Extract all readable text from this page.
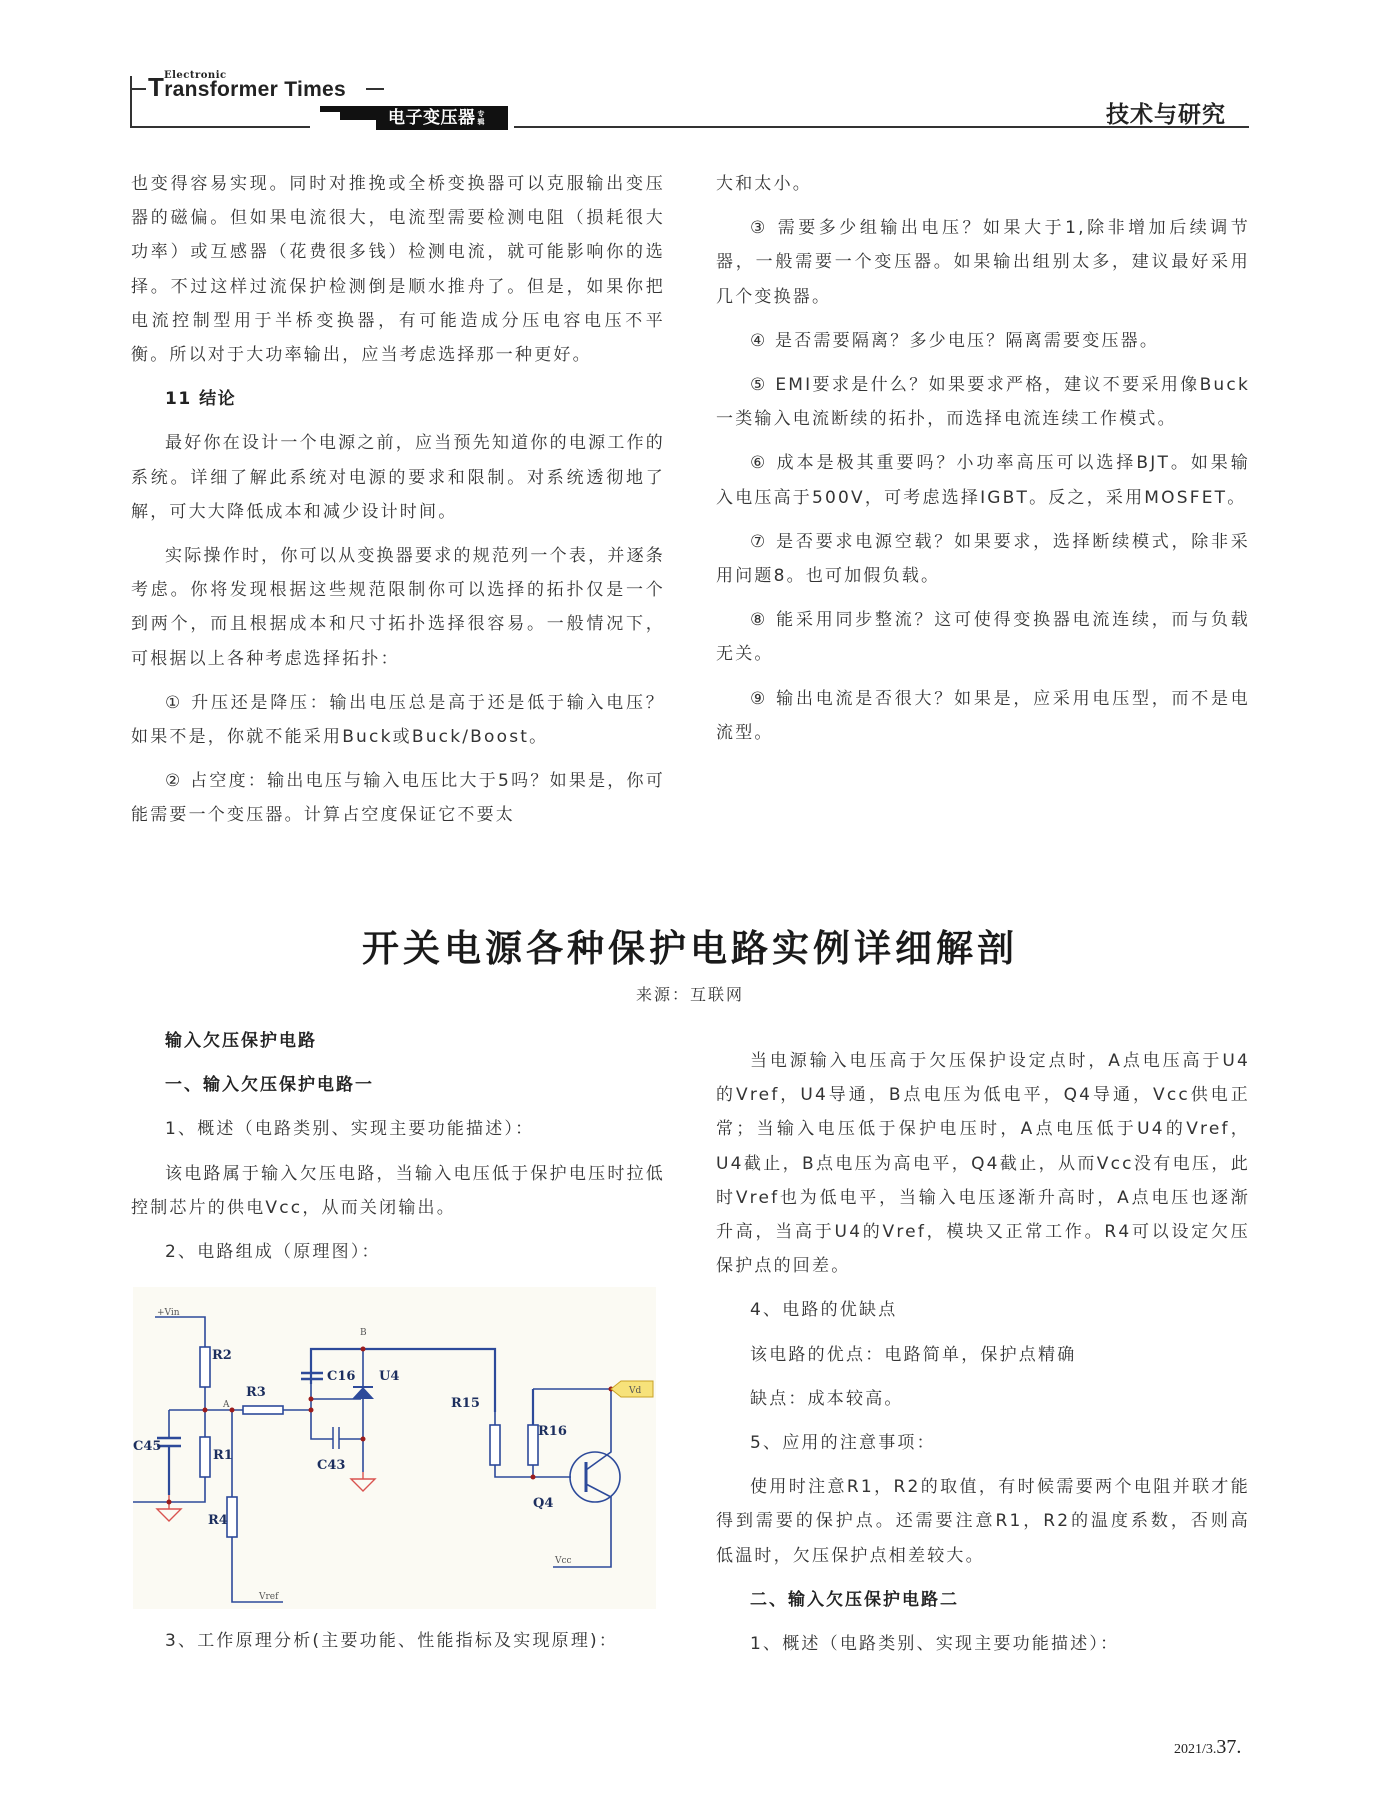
Transformer Times
Electronic
电子变压器 专辑	技术与研究

也变得容易实现。同时对推挽或全桥变换器可以克服输出变压器的磁偏。但如果电流很大，电流型需要检测电阻（损耗很大功率）或互感器（花费很多钱）检测电流，就可能影响你的选择。不过这样过流保护检测倒是顺水推舟了。但是，如果你把电流控制型用于半桥变换器，有可能造成分压电容电压不平衡。所以对于大功率输出，应当考虑选择那一种更好。

11 结论

最好你在设计一个电源之前，应当预先知道你的电源工作的系统。详细了解此系统对电源的要求和限制。对系统透彻地了解，可大大降低成本和减少设计时间。

实际操作时，你可以从变换器要求的规范列一个表，并逐条考虑。你将发现根据这些规范限制你可以选择的拓扑仅是一个到两个，而且根据成本和尺寸拓扑选择很容易。一般情况下，可根据以上各种考虑选择拓扑：

① 升压还是降压：输出电压总是高于还是低于输入电压？如果不是，你就不能采用Buck或Buck/Boost。

② 占空度：输出电压与输入电压比大于5吗？如果是，你可能需要一个变压器。计算占空度保证它不要太

大和太小。

③ 需要多少组输出电压？如果大于1,除非增加后续调节器，一般需要一个变压器。如果输出组别太多，建议最好采用几个变换器。

④ 是否需要隔离？多少电压？隔离需要变压器。

⑤ EMI要求是什么？如果要求严格，建议不要采用像Buck一类输入电流断续的拓扑，而选择电流连续工作模式。

⑥ 成本是极其重要吗？小功率高压可以选择BJT。如果输入电压高于500V，可考虑选择IGBT。反之，采用MOSFET。

⑦ 是否要求电源空载？如果要求，选择断续模式，除非采用问题8。也可加假负载。

⑧ 能采用同步整流？这可使得变换器电流连续，而与负载无关。

⑨ 输出电流是否很大？如果是，应采用电压型，而不是电流型。

开关电源各种保护电路实例详细解剖
来源：互联网
输入欠压保护电路
一、输入欠压保护电路一

1、概述（电路类别、实现主要功能描述）：

该电路属于输入欠压电路，当输入电压低于保护电压时拉低控制芯片的供电Vcc，从而关闭输出。

2、电路组成（原理图）：

+Vin
R2
R1
C45
R3
A
R4
Vref
B
C16 U4
C43
R15
R16
Q4
Vd
Vcc

3、工作原理分析(主要功能、性能指标及实现原理)：

当电源输入电压高于欠压保护设定点时，A点电压高于U4的Vref，U4导通，B点电压为低电平，Q4导通，Vcc供电正常；当输入电压低于保护电压时，A点电压低于U4的Vref，U4截止，B点电压为高电平，Q4截止，从而Vcc没有电压，此时Vref也为低电平，当输入电压逐渐升高时，A点电压也逐渐升高，当高于U4的Vref，模块又正常工作。R4可以设定欠压保护点的回差。

4、电路的优缺点

该电路的优点：电路简单，保护点精确

缺点：成本较高。

5、应用的注意事项：

使用时注意R1，R2的取值，有时候需要两个电阻并联才能得到需要的保护点。还需要注意R1，R2的温度系数，否则高低温时，欠压保护点相差较大。

二、输入欠压保护电路二

1、概述（电路类别、实现主要功能描述）：

2021/3.37.
